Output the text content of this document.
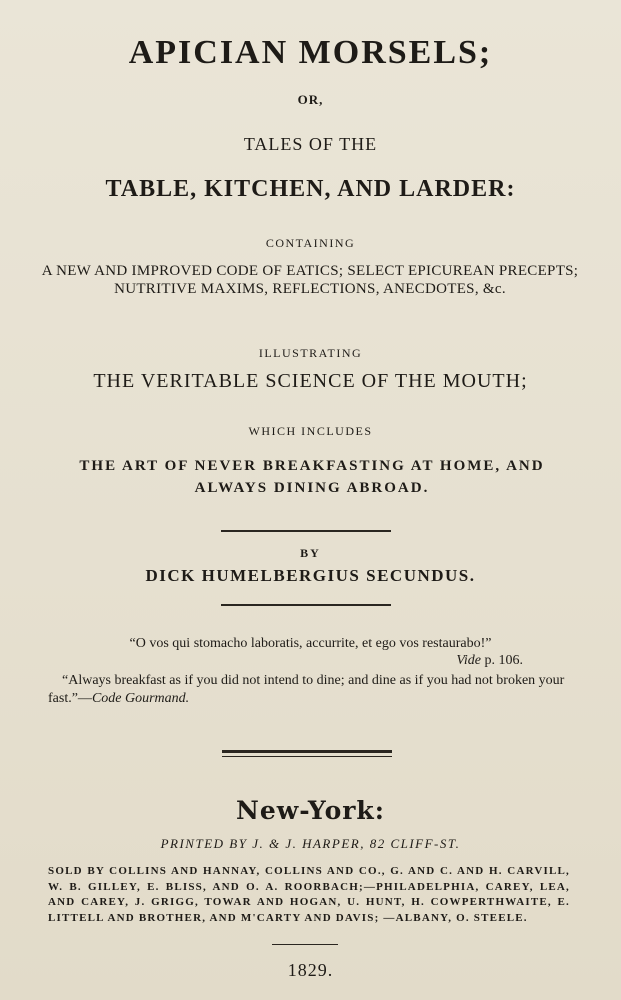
APICIAN MORSELS;

OR,

TALES OF THE

TABLE, KITCHEN, AND LARDER:

CONTAINING

A NEW AND IMPROVED CODE OF EATICS; SELECT EPICUREAN PRECEPTS; NUTRITIVE MAXIMS, REFLECTIONS, ANECDOTES, &c.

ILLUSTRATING

THE VERITABLE SCIENCE OF THE MOUTH;

WHICH INCLUDES

THE ART OF NEVER BREAKFASTING AT HOME, AND ALWAYS DINING ABROAD.

BY

DICK HUMELBERGIUS SECUNDUS.

“O vos qui stomacho laboratis, accurrite, et ego vos restaurabo!”

Vide p. 106.

“Always breakfast as if you did not intend to dine; and dine as if you had not broken your fast.”—Code Gourmand.

New-York:

PRINTED BY J. & J. HARPER, 82 CLIFF-ST.

SOLD BY COLLINS AND HANNAY, COLLINS AND CO., G. AND C. AND H. CARVILL, W. B. GILLEY, E. BLISS, AND O. A. ROORBACH;—PHILADELPHIA, CAREY, LEA, AND CAREY, J. GRIGG, TOWAR AND HOGAN, U. HUNT, H. COWPERTHWAITE, E. LITTELL AND BROTHER, AND M'CARTY AND DAVIS; —ALBANY, O. STEELE.

1829.
